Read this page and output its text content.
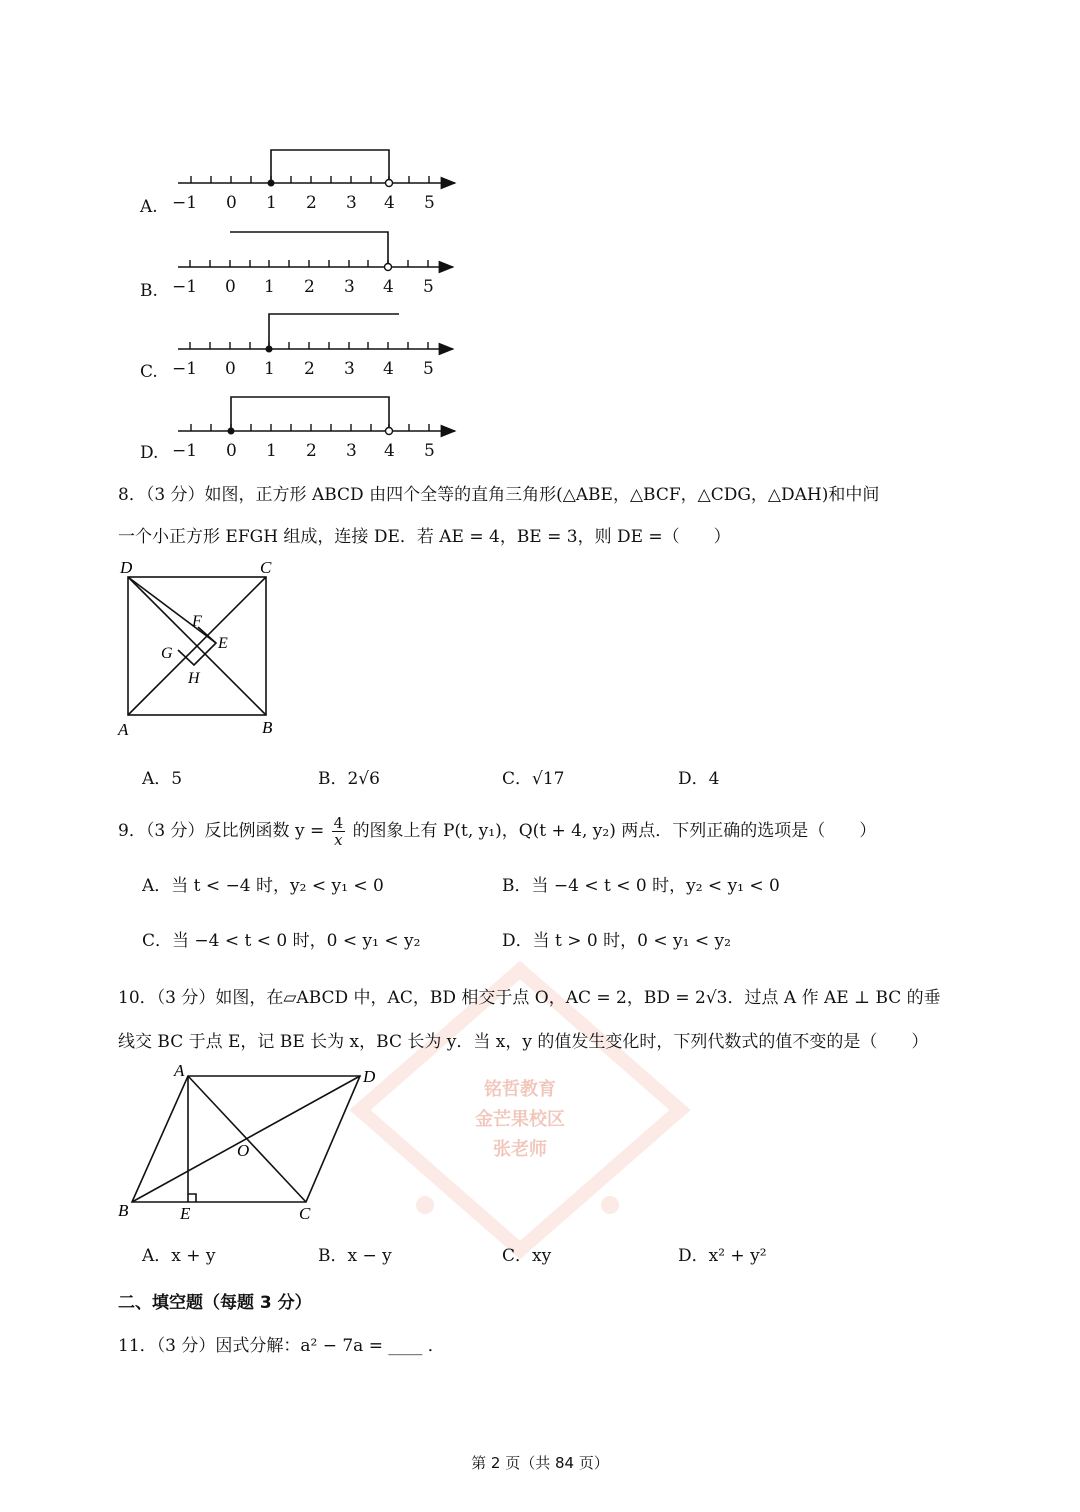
铭哲教育
金芒果校区
张老师
A.
B.
C.
D.
−1 0 1 2 3 4 5
−1 0 1 2 3 4 5
−1 0 1 2 3 4 5
−1 0 1 2 3 4 5
8．（3 分）如图，正方形 ABCD 由四个全等的直角三角形(△ABE，△BCF，△CDG，△DAH)和中间
一个小正方形 EFGH 组成，连接 DE．若 AE = 4，BE = 3，则 DE =（　　）
D	C
A	B
F
E
G
H
A．5	B．2√6	C．√17	D．4
9．（3 分）反比例函数 $y = \frac{4}{x}$ 的图象上有 P(t, y₁)，Q(t + 4, y₂) 两点．下列正确的选项是（　　）
A．当 t < −4 时，y₂ < y₁ < 0	B．当 −4 < t < 0 时，y₂ < y₁ < 0
C．当 −4 < t < 0 时，0 < y₁ < y₂	D．当 t > 0 时，0 < y₁ < y₂
10．（3 分）如图，在▱ABCD 中，AC，BD 相交于点 O，AC = 2，BD = 2√3．过点 A 作 AE ⊥ BC 的垂
线交 BC 于点 E，记 BE 长为 x，BC 长为 y．当 x，y 的值发生变化时，下列代数式的值不变的是（　　）
A	D
B	E	C
O
A．x + y	B．x − y	C．xy	D．x² + y²
二、填空题（每题 3 分）
11．（3 分）因式分解：a² − 7a = ____ ．
第 2 页（共 84 页）
